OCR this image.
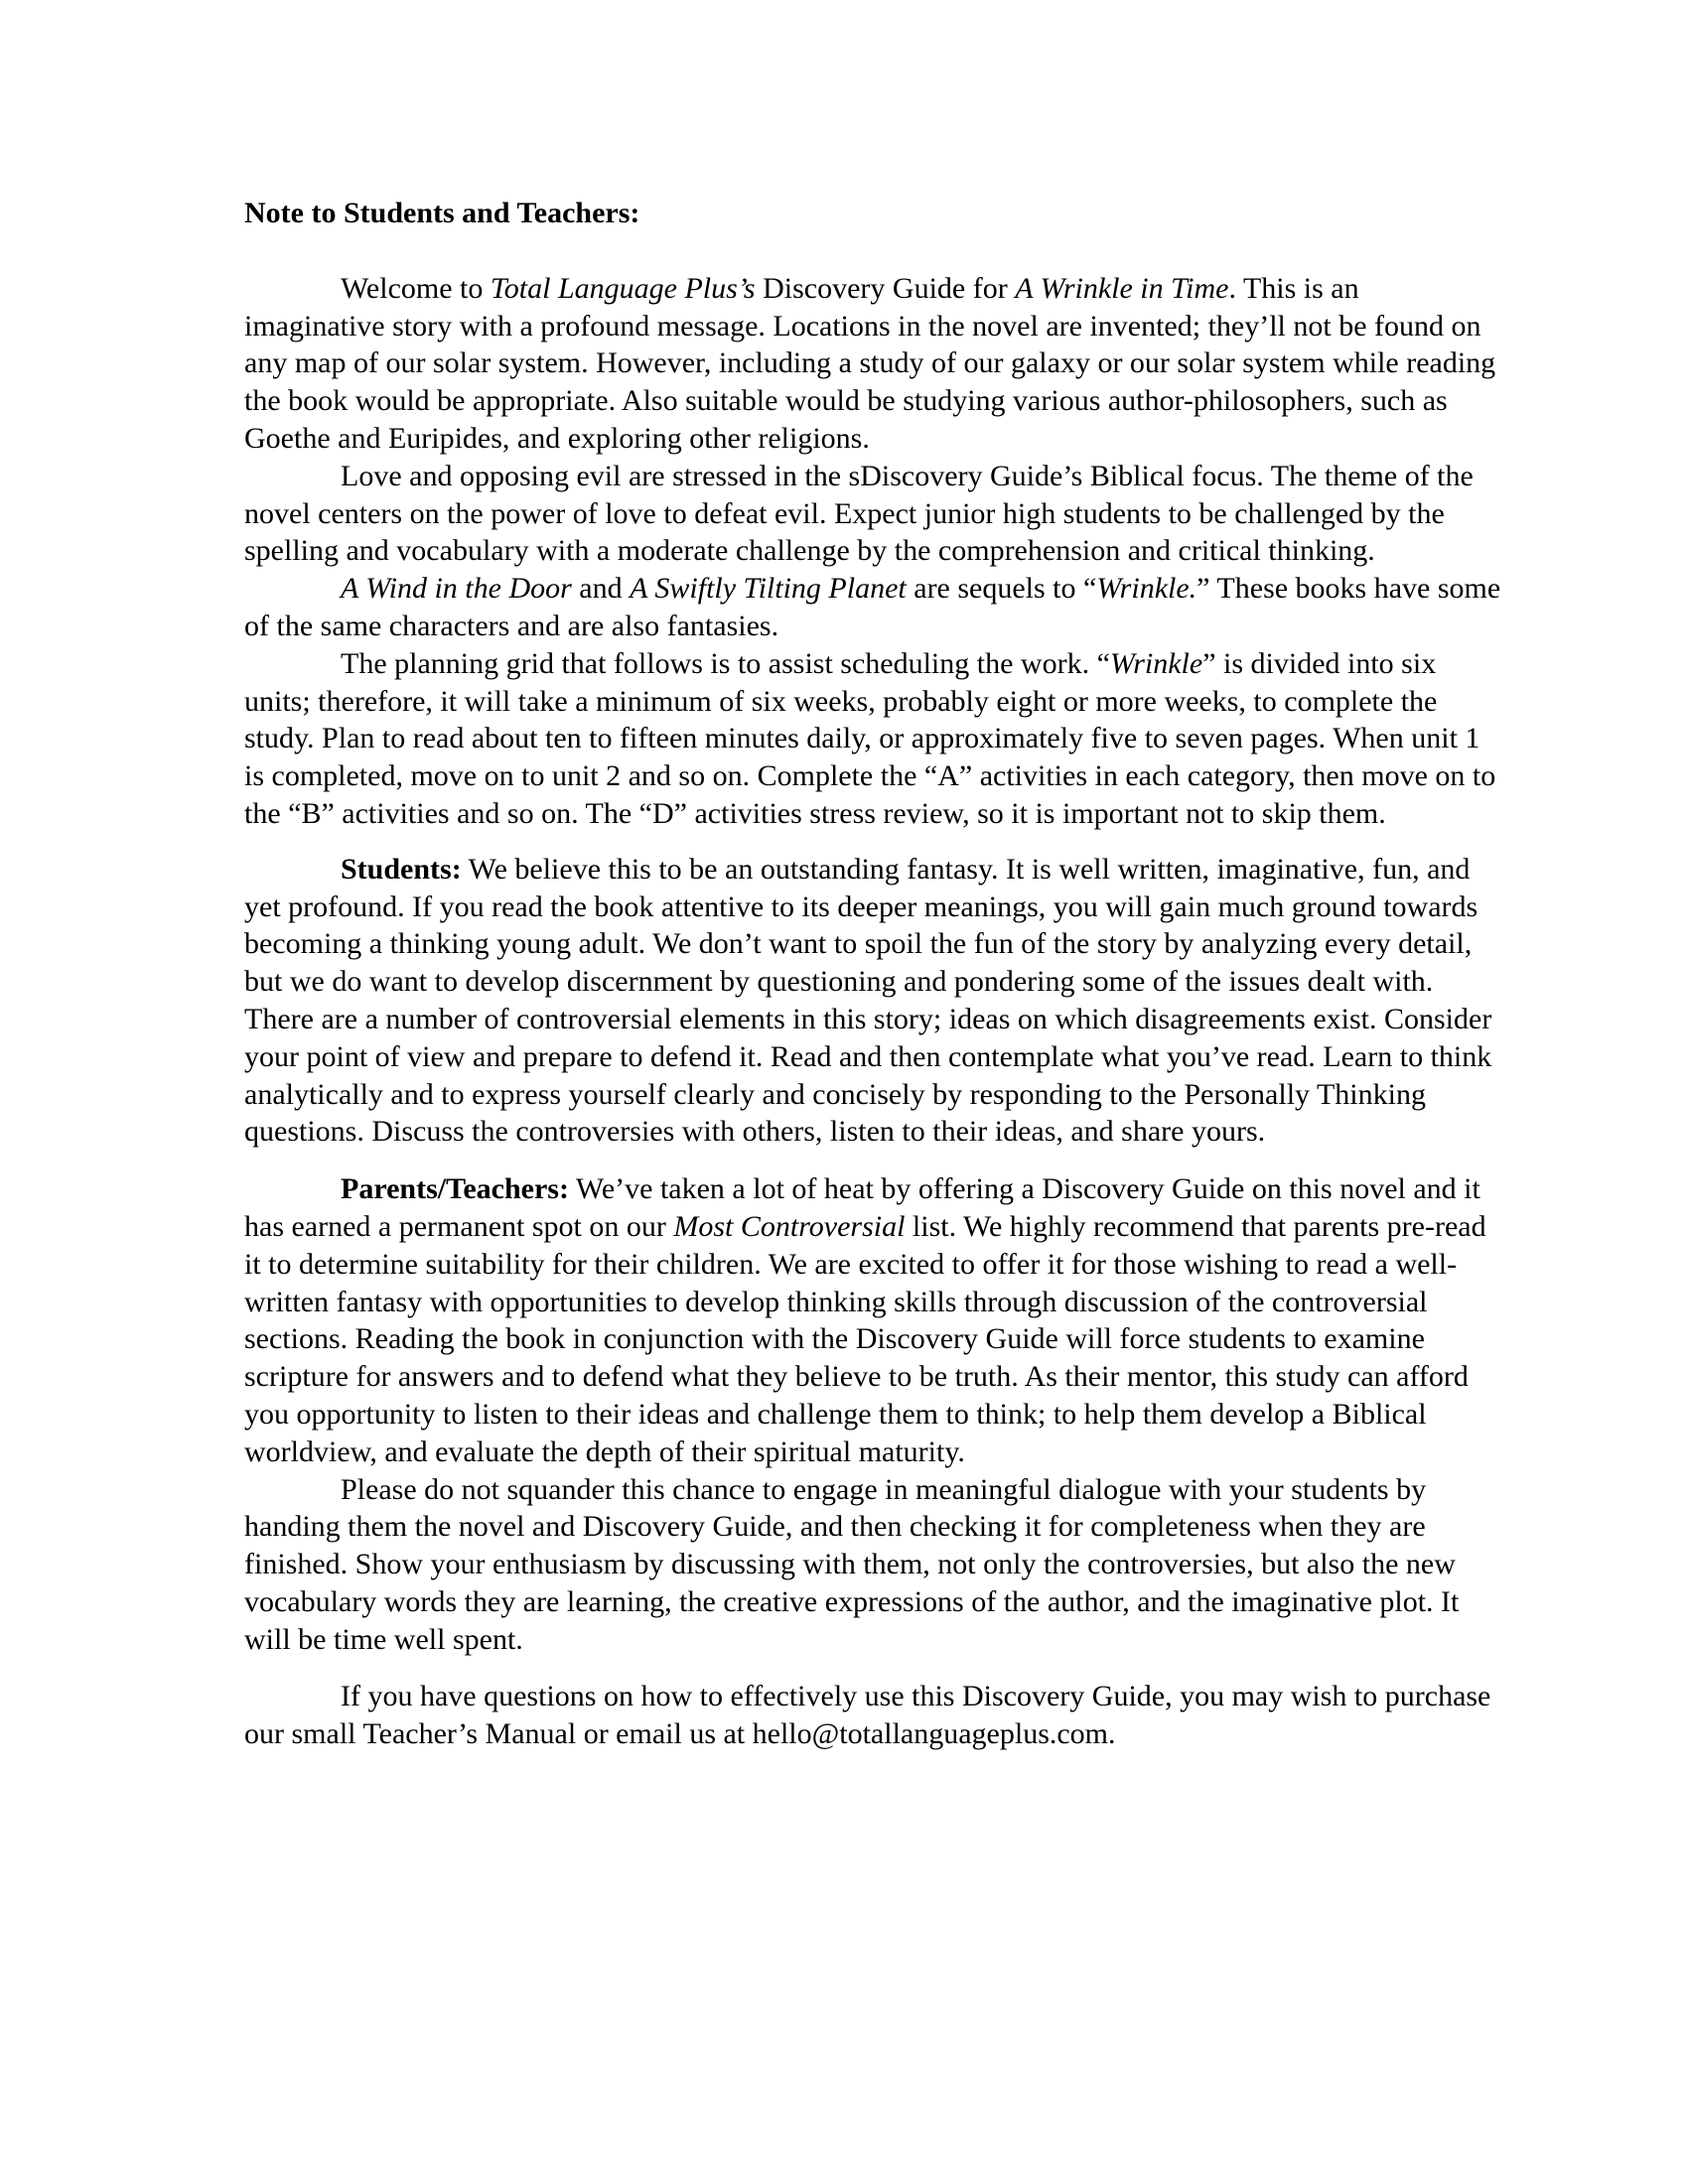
Note to Students and Teachers:

Welcome to Total Language Plus’s Discovery Guide for A Wrinkle in Time. This is an imaginative story with a profound message. Locations in the novel are invented; they’ll not be found on any map of our solar system. However, including a study of our galaxy or our solar system while reading the book would be appropriate. Also suitable would be studying various author-philosophers, such as Goethe and Euripides, and exploring other religions.

Love and opposing evil are stressed in the sDiscovery Guide’s Biblical focus. The theme of the novel centers on the power of love to defeat evil. Expect junior high students to be challenged by the spelling and vocabulary with a moderate challenge by the comprehension and critical thinking.

A Wind in the Door and A Swiftly Tilting Planet are sequels to “Wrinkle.” These books have some of the same characters and are also fantasies.

The planning grid that follows is to assist scheduling the work. “Wrinkle” is divided into six units; therefore, it will take a minimum of six weeks, probably eight or more weeks, to complete the study. Plan to read about ten to fifteen minutes daily, or approximately five to seven pages. When unit 1 is completed, move on to unit 2 and so on. Complete the “A” activities in each category, then move on to the “B” activities and so on. The “D” activities stress review, so it is important not to skip them.

Students: We believe this to be an outstanding fantasy. It is well written, imaginative, fun, and yet profound. If you read the book attentive to its deeper meanings, you will gain much ground towards becoming a thinking young adult. We don’t want to spoil the fun of the story by analyzing every detail, but we do want to develop discernment by questioning and pondering some of the issues dealt with. There are a number of controversial elements in this story; ideas on which disagreements exist. Consider your point of view and prepare to defend it. Read and then contemplate what you’ve read. Learn to think analytically and to express yourself clearly and concisely by responding to the Personally Thinking questions. Discuss the controversies with others, listen to their ideas, and share yours.

Parents/Teachers: We’ve taken a lot of heat by offering a Discovery Guide on this novel and it has earned a permanent spot on our Most Controversial list. We highly recommend that parents pre-read it to determine suitability for their children. We are excited to offer it for those wishing to read a well-written fantasy with opportunities to develop thinking skills through discussion of the controversial sections. Reading the book in conjunction with the Discovery Guide will force students to examine scripture for answers and to defend what they believe to be truth. As their mentor, this study can afford you opportunity to listen to their ideas and challenge them to think; to help them develop a Biblical worldview, and evaluate the depth of their spiritual maturity.

Please do not squander this chance to engage in meaningful dialogue with your students by handing them the novel and Discovery Guide, and then checking it for completeness when they are finished. Show your enthusiasm by discussing with them, not only the controversies, but also the new vocabulary words they are learning, the creative expressions of the author, and the imaginative plot. It will be time well spent.

If you have questions on how to effectively use this Discovery Guide, you may wish to purchase our small Teacher’s Manual or email us at hello@totallanguageplus.com.
